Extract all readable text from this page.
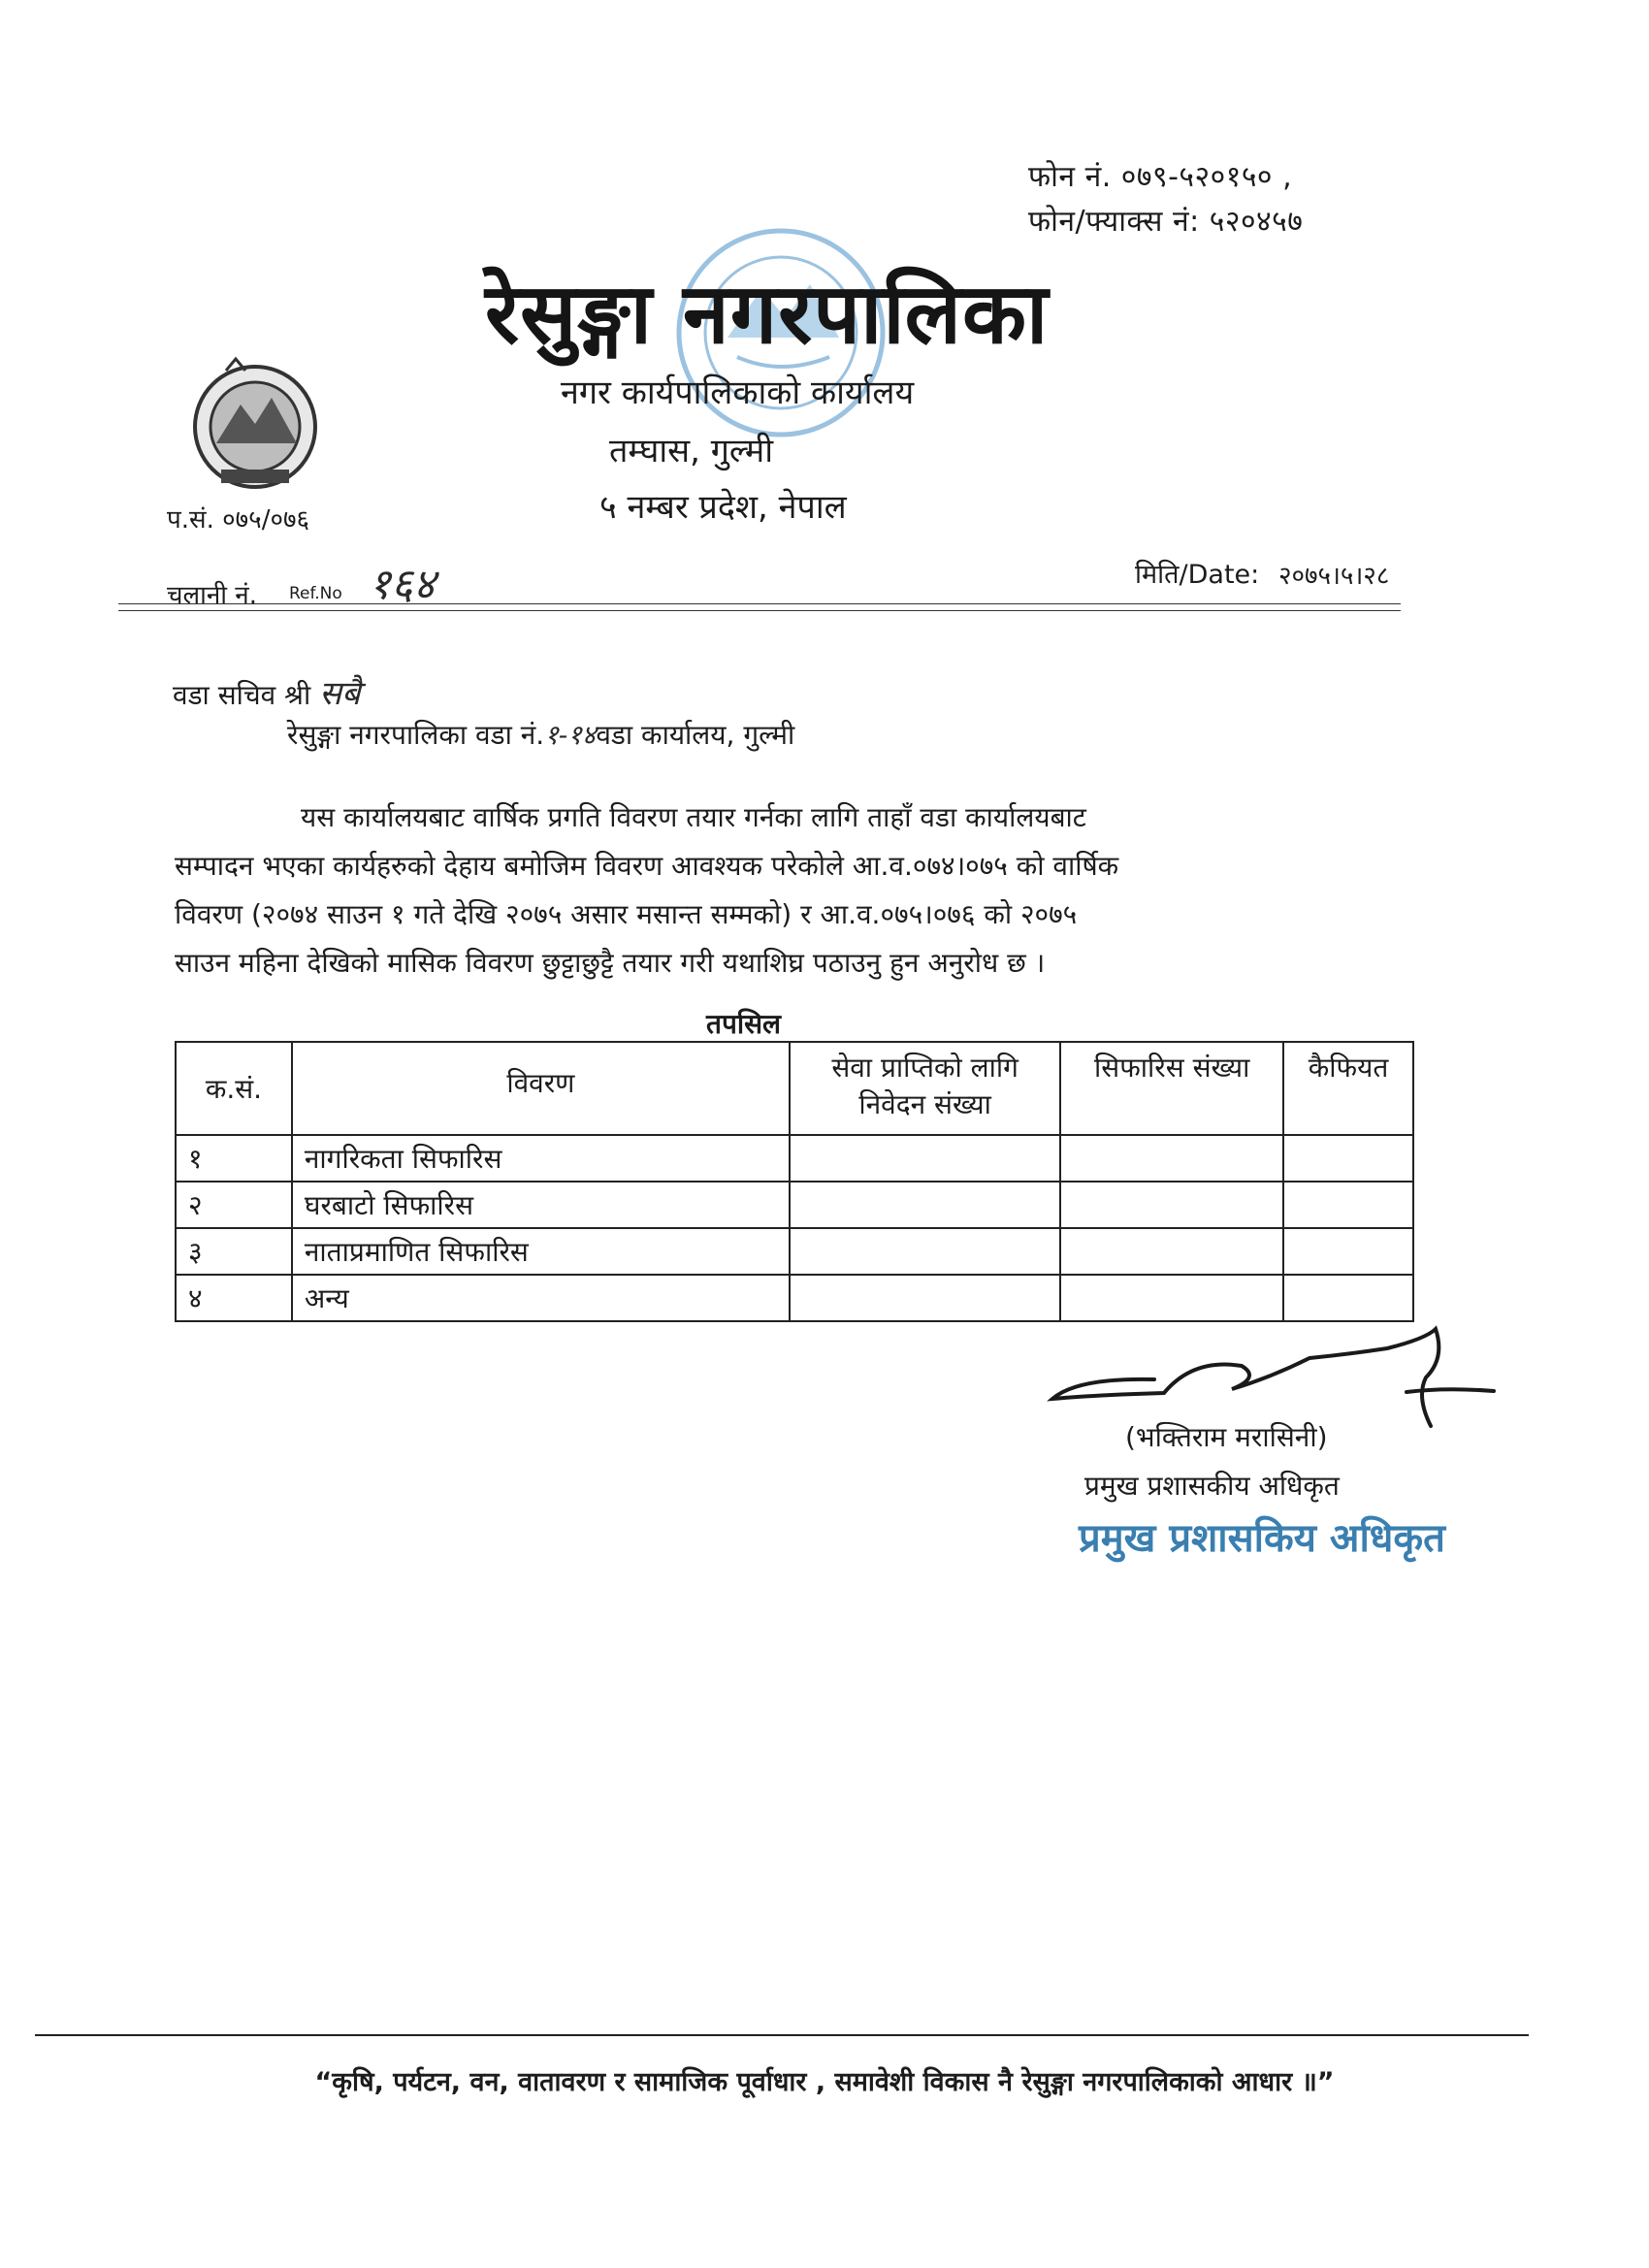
फोन नं. ०७९-५२०१५० ,
फोन/फ्याक्स नं: ५२०४५७
रेसुङ्गा नगरपालिका
नगर कार्यपालिकाको कार्यालय
तम्घास, गुल्मी
५ नम्बर प्रदेश, नेपाल
प.सं. ०७५/०७६
चलानी नं. Ref.No १६४	मिति/Date: २०७५।५।२८
वडा सचिव श्री सबै
रेसुङ्गा नगरपालिका वडा नं.१-१४वडा कार्यालय, गुल्मी
यस कार्यालयबाट वार्षिक प्रगति विवरण तयार गर्नका लागि ताहाँ वडा कार्यालयबाट
सम्पादन भएका कार्यहरुको देहाय बमोजिम विवरण आवश्यक परेकोले आ.व.०७४।०७५ को वार्षिक
विवरण (२०७४ साउन १ गते देखि २०७५ असार मसान्त सम्मको) र आ.व.०७५।०७६ को २०७५
साउन महिना देखिको मासिक विवरण छुट्टाछुट्टै तयार गरी यथाशिघ्र पठाउनु हुन अनुरोध छ ।
तपसिल
क.सं.	विवरण	सेवा प्राप्तिको लागि निवेदन संख्या	सिफारिस संख्या	कैफियत
१	नागरिकता सिफारिस			
२	घरबाटो सिफारिस			
३	नाताप्रमाणित सिफारिस			
४	अन्य			
(भक्तिराम मरासिनी)
प्रमुख प्रशासकीय अधिकृत
प्रमुख प्रशासकिय अधिकृत
“कृषि, पर्यटन, वन, वातावरण र सामाजिक पूर्वाधार , समावेशी विकास नै रेसुङ्गा नगरपालिकाको आधार ॥”
